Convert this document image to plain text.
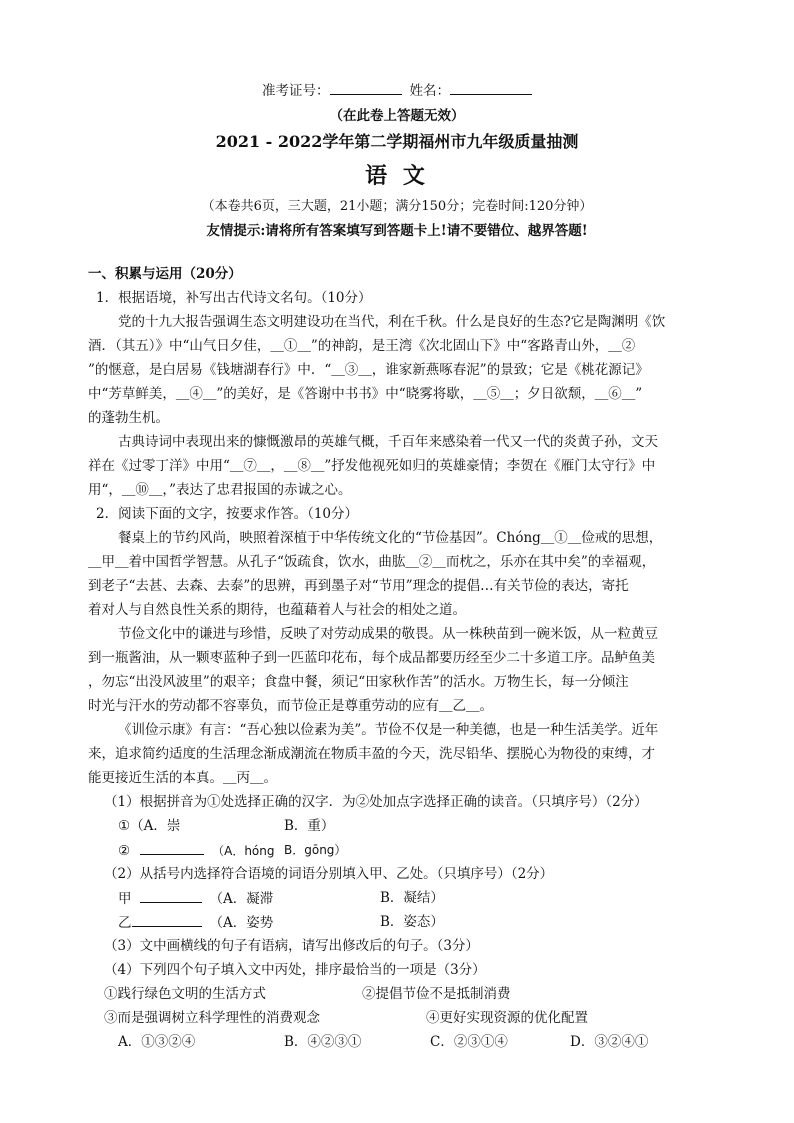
准考证号：	姓名：
（在此卷上答题无效）
2021 - 2022学年第二学期福州市九年级质量抽测
语 文
（本卷共6页，三大题，21小题；满分150分；完卷时间:120分钟）
友情提示:请将所有答案填写到答题卡上!请不要错位、越界答题!
一、积累与运用（20分）
1．根据语境，补写出古代诗文名句。（10分）
党的十九大报告强调生态文明建设功在当代，利在千秋。什么是良好的生态?它是陶渊明《饮
酒．（其五）》中“山气日夕佳，＿①＿”的神韵，是王湾《次北固山下》中“客路青山外，＿②
”的惬意，是白居易《钱塘湖春行》中．“＿③＿，谁家新燕啄春泥”的景致；它是《桃花源记》
中“芳草鲜美，＿④＿”的美好，是《答谢中书书》中“晓雾将歇，＿⑤＿；夕日欲颓，＿⑥＿”
的蓬勃生机。
古典诗词中表现出来的慷慨激昂的英雄气概，千百年来感染着一代又一代的炎黄子孙，文天
祥在《过零丁洋》中用“＿⑦＿，＿⑧＿”抒发他视死如归的英雄豪情；李贺在《雁门太守行》中
用“，＿⑩＿，”表达了忠君报国的赤诚之心。
2．阅读下面的文字，按要求作答。（10分）
餐桌上的节约风尚，映照着深植于中华传统文化的“节俭基因”。Chóng＿①＿俭戒的思想，
＿甲＿着中国哲学智慧。从孔子“饭疏食，饮水，曲肱＿②＿而枕之，乐亦在其中矣”的幸福观，
到老子“去甚、去森、去泰”的思辨，再到墨子对“节用”理念的提倡…有关节俭的表达，寄托
着对人与自然良性关系的期待，也蕴藉着人与社会的相处之道。
节俭文化中的谦进与珍惜，反映了对劳动成果的敬畏。从一株秧苗到一碗米饭，从一粒黄豆
到一瓶酱油，从一颗枣蓝种子到一匹蓝印花布，每个成品都要历经至少二十多道工序。品鲈鱼美
，勿忘“出没风波里”的艰辛；食盘中餐，须记“田家秋作苦”的活水。万物生长，每一分倾注
时光与汗水的劳动都不容辜负，而节俭正是尊重劳动的应有＿乙＿。
《训俭示康》有言：“吾心独以俭素为美”。节俭不仅是一种美德，也是一种生活美学。近年
来，追求简约适度的生活理念渐成潮流在物质丰盈的今天，洗尽铅华、摆脱心为物役的束缚，才
能更接近生活的本真。＿丙＿。
（1）根据拼音为①处选择正确的汉字．为②处加点字选择正确的读音。（只填序号）（2分）
①（A．崇	B．重）
②	（A．hóng B．gōng）
（2）从括号内选择符合语境的词语分别填入甲、乙处。（只填序号）（2分）
甲	（A．凝滞	B．凝结）
乙	（A．姿势	B．姿态）
（3）文中画横线的句子有语病，请写出修改后的句子。（3分）
（4）下列四个句子填入文中丙处，排序最恰当的一项是（3分）
①践行绿色文明的生活方式	②提倡节俭不是抵制消费
③而是强调树立科学理性的消费观念	④更好实现资源的优化配置
A．①③②④	B．④②③①	C．②③①④	D．③②④①
